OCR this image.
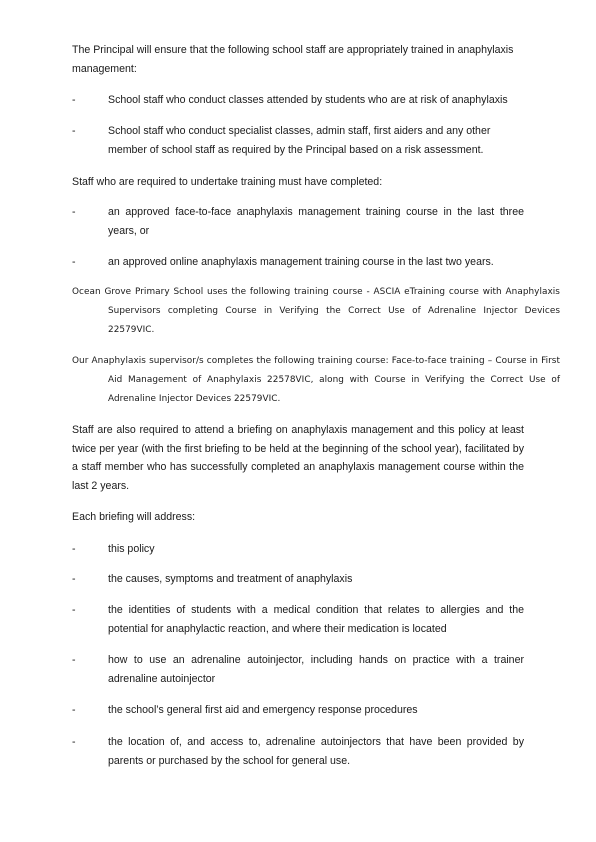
The Principal will ensure that the following school staff are appropriately trained in anaphylaxis management:

-	School staff who conduct classes attended by students who are at risk of anaphylaxis
-	School staff who conduct specialist classes, admin staff, first aiders and any other member of school staff as required by the Principal based on a risk assessment.

Staff who are required to undertake training must have completed:

-	an approved face-to-face anaphylaxis management training course in the last three years, or
-	an approved online anaphylaxis management training course in the last two years.

Ocean Grove Primary School uses the following training course - ASCIA eTraining course with Anaphylaxis Supervisors completing Course in Verifying the Correct Use of Adrenaline Injector Devices 22579VIC.

Our Anaphylaxis supervisor/s completes the following training course: Face-to-face training – Course in First Aid Management of Anaphylaxis 22578VIC, along with Course in Verifying the Correct Use of Adrenaline Injector Devices 22579VIC.

Staff are also required to attend a briefing on anaphylaxis management and this policy at least twice per year (with the first briefing to be held at the beginning of the school year), facilitated by a staff member who has successfully completed an anaphylaxis management course within the last 2 years.

Each briefing will address:

-	this policy
-	the causes, symptoms and treatment of anaphylaxis
-	the identities of students with a medical condition that relates to allergies and the potential for anaphylactic reaction, and where their medication is located
-	how to use an adrenaline autoinjector, including hands on practice with a trainer adrenaline autoinjector
-	the school’s general first aid and emergency response procedures
-	the location of, and access to, adrenaline autoinjectors that have been provided by parents or purchased by the school for general use.
